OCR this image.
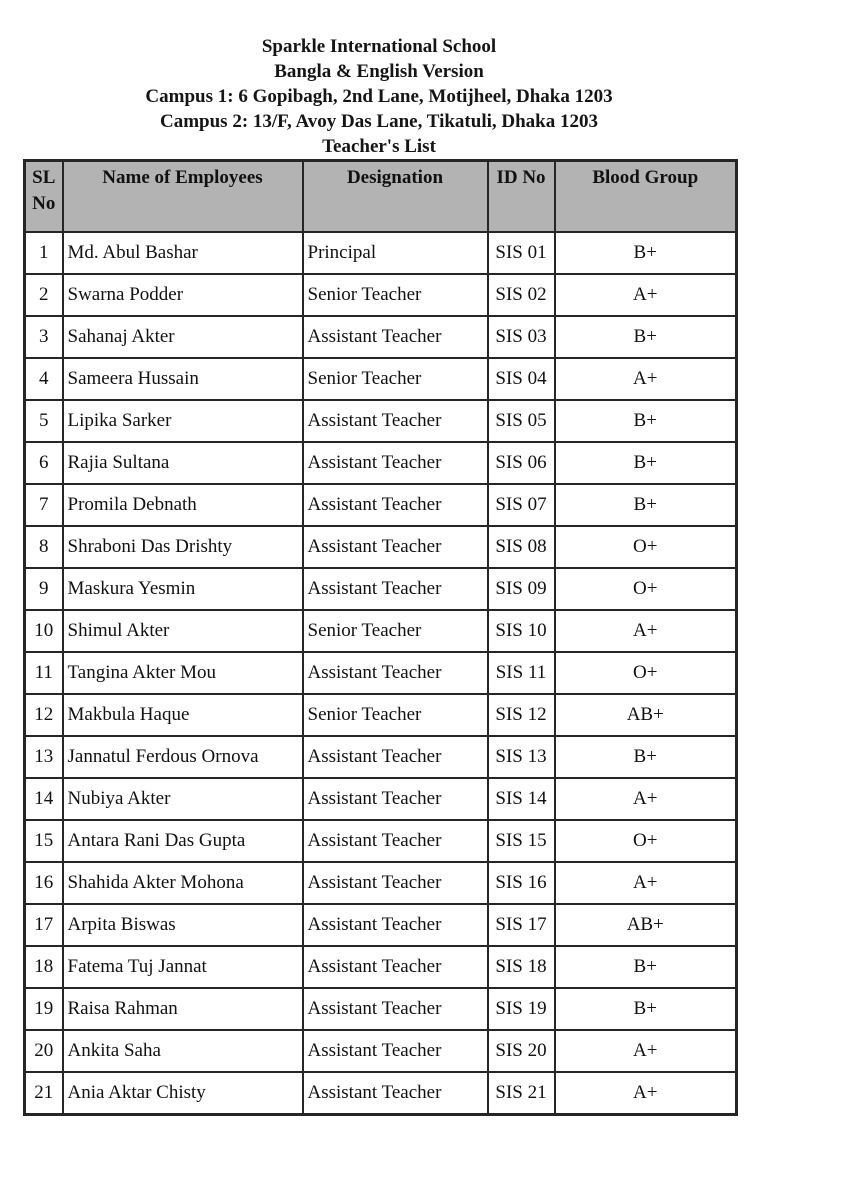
Sparkle International School
Bangla & English Version
Campus 1: 6 Gopibagh, 2nd Lane, Motijheel, Dhaka 1203
Campus 2: 13/F, Avoy Das Lane, Tikatuli, Dhaka 1203
Teacher's List
SL No	Name of Employees	Designation	ID No	Blood Group
1	Md. Abul Bashar	Principal	SIS 01	B+
2	Swarna Podder	Senior Teacher	SIS 02	A+
3	Sahanaj Akter	Assistant Teacher	SIS 03	B+
4	Sameera Hussain	Senior Teacher	SIS 04	A+
5	Lipika Sarker	Assistant Teacher	SIS 05	B+
6	Rajia Sultana	Assistant Teacher	SIS 06	B+
7	Promila Debnath	Assistant Teacher	SIS 07	B+
8	Shraboni Das Drishty	Assistant Teacher	SIS 08	O+
9	Maskura Yesmin	Assistant Teacher	SIS 09	O+
10	Shimul Akter	Senior Teacher	SIS 10	A+
11	Tangina Akter Mou	Assistant Teacher	SIS 11	O+
12	Makbula Haque	Senior Teacher	SIS 12	AB+
13	Jannatul Ferdous Ornova	Assistant Teacher	SIS 13	B+
14	Nubiya Akter	Assistant Teacher	SIS 14	A+
15	Antara Rani Das Gupta	Assistant Teacher	SIS 15	O+
16	Shahida Akter Mohona	Assistant Teacher	SIS 16	A+
17	Arpita Biswas	Assistant Teacher	SIS 17	AB+
18	Fatema Tuj Jannat	Assistant Teacher	SIS 18	B+
19	Raisa Rahman	Assistant Teacher	SIS 19	B+
20	Ankita Saha	Assistant Teacher	SIS 20	A+
21	Ania Aktar Chisty	Assistant Teacher	SIS 21	A+
